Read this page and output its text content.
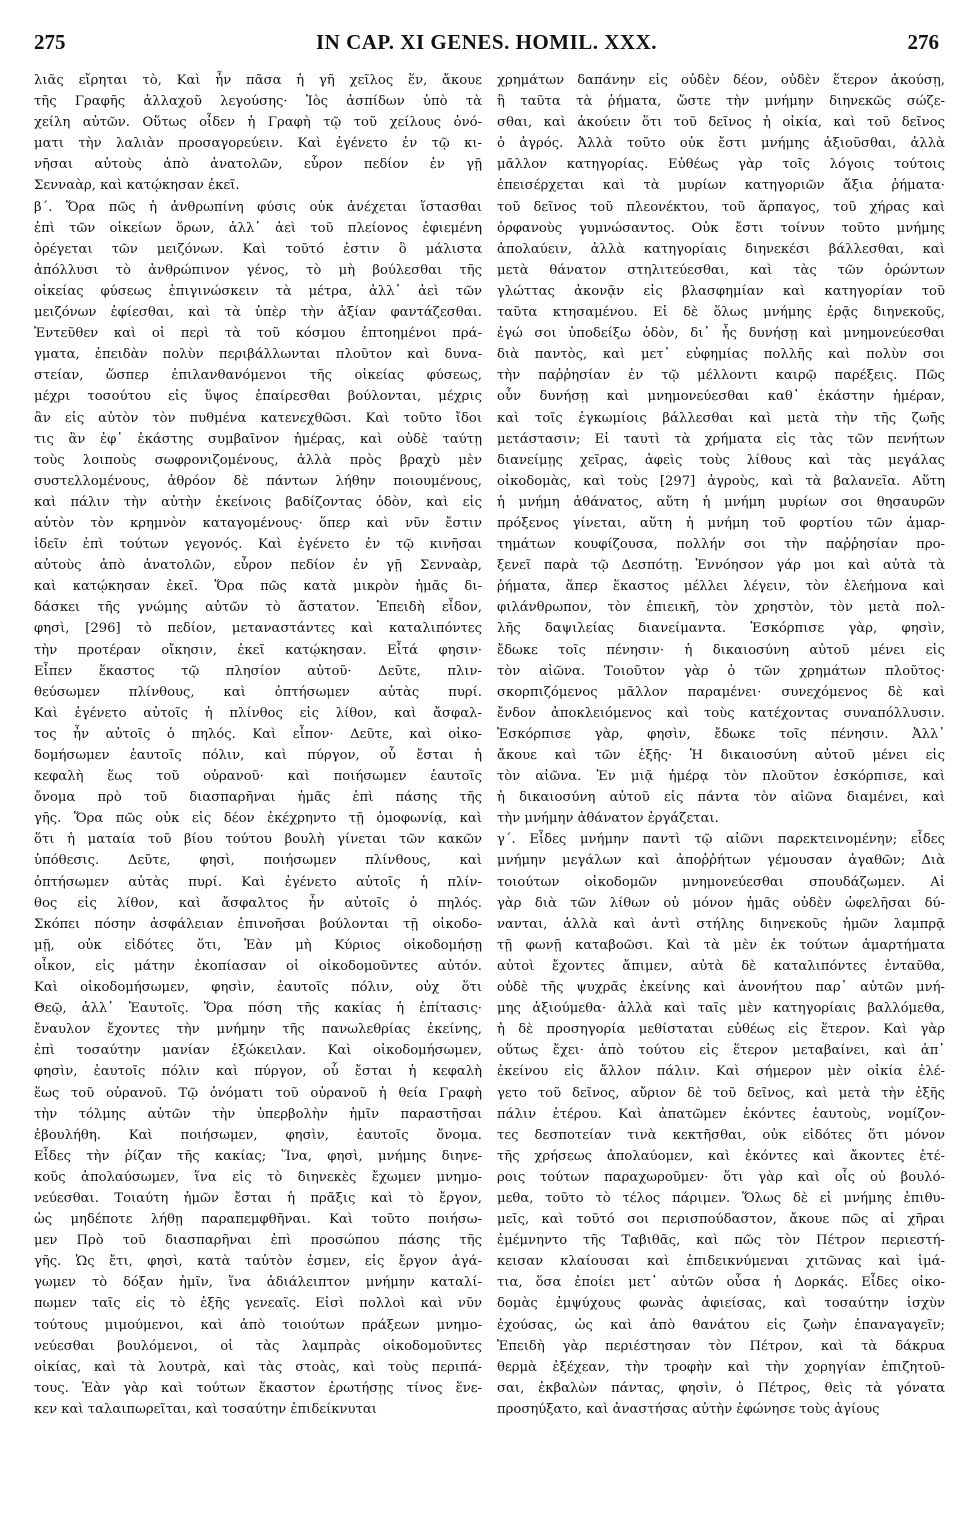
275	IN CAP. XI GENES. HOMIL. XXX.	276
λιᾶς εἴρηται τὸ, Καὶ ἦν πᾶσα ἡ γῆ χεῖλος ἕν, ἄκουε
τῆς Γραφῆς ἀλλαχοῦ λεγούσης· Ἰὸς ἀσπίδων ὑπὸ τὰ
χείλη αὐτῶν. Οὕτως οἶδεν ἡ Γραφὴ τῷ τοῦ χείλους ὀνό-
ματι τὴν λαλιὰν προσαγορεύειν. Καὶ ἐγένετο ἐν τῷ κι-
νῆσαι αὐτοὺς ἀπὸ ἀνατολῶν, εὗρον πεδίον ἐν γῇ
Σενναὰρ, καὶ κατῴκησαν ἐκεῖ.
β΄. Ὅρα πῶς ἡ ἀνθρωπίνη φύσις οὐκ ἀνέχεται ἵστασθαι
ἐπὶ τῶν οἰκείων ὅρων, ἀλλ᾽ ἀεὶ τοῦ πλείονος ἐφιεμένη
ὀρέγεται τῶν μειζόνων. Καὶ τοῦτό ἐστιν ὃ μάλιστα
ἀπόλλυσι τὸ ἀνθρώπινον γένος, τὸ μὴ βούλεσθαι τῆς
οἰκείας φύσεως ἐπιγινώσκειν τὰ μέτρα, ἀλλ᾽ ἀεὶ τῶν
μειζόνων ἐφίεσθαι, καὶ τὰ ὑπὲρ τὴν ἀξίαν φαντάζεσθαι.
Ἐντεῦθεν καὶ οἱ περὶ τὰ τοῦ κόσμου ἐπτοημένοι πρά-
γματα, ἐπειδὰν πολὺν περιβάλλωνται πλοῦτον καὶ δυνα-
στείαν, ὥσπερ ἐπιλανθανόμενοι τῆς οἰκείας φύσεως,
μέχρι τοσούτου εἰς ὕψος ἐπαίρεσθαι βούλονται, μέχρις
ἂν εἰς αὐτὸν τὸν πυθμένα κατενεχθῶσι. Καὶ τοῦτο ἴδοι
τις ἂν ἐφ᾽ ἑκάστης συμβαῖνον ἡμέρας, καὶ οὐδὲ ταύτῃ
τοὺς λοιποὺς σωφρονιζομένους, ἀλλὰ πρὸς βραχὺ μὲν
συστελλομένους, ἀθρόον δὲ πάντων λήθην ποιουμένους,
καὶ πάλιν τὴν αὐτὴν ἐκείνοις βαδίζοντας ὁδὸν, καὶ εἰς
αὐτὸν τὸν κρημνὸν καταγομένους· ὅπερ καὶ νῦν ἔστιν
ἰδεῖν ἐπὶ τούτων γεγονός. Καὶ ἐγένετο ἐν τῷ κινῆσαι
αὐτοὺς ἀπὸ ἀνατολῶν, εὗρον πεδίον ἐν γῇ Σενναὰρ,
καὶ κατῴκησαν ἐκεῖ. Ὅρα πῶς κατὰ μικρὸν ἡμᾶς δι-
δάσκει τῆς γνώμης αὐτῶν τὸ ἄστατον. Ἐπειδὴ εἶδον,
φησὶ, [296] τὸ πεδίον, μεταναστάντες καὶ καταλιπόντες
τὴν προτέραν οἴκησιν, ἐκεῖ κατῴκησαν. Εἶτά φησιν·
Εἶπεν ἕκαστος τῷ πλησίον αὐτοῦ· Δεῦτε, πλιν-
θεύσωμεν πλίνθους, καὶ ὀπτήσωμεν αὐτὰς πυρί.
Καὶ ἐγένετο αὐτοῖς ἡ πλίνθος εἰς λίθον, καὶ ἄσφαλ-
τος ἦν αὐτοῖς ὁ πηλός. Καὶ εἶπον· Δεῦτε, καὶ οἰκο-
δομήσωμεν ἑαυτοῖς πόλιν, καὶ πύργον, οὗ ἔσται ἡ
κεφαλὴ ἕως τοῦ οὐρανοῦ· καὶ ποιήσωμεν ἑαυτοῖς
ὄνομα πρὸ τοῦ διασπαρῆναι ἡμᾶς ἐπὶ πάσης τῆς
γῆς. Ὅρα πῶς οὐκ εἰς δέον ἐκέχρηντο τῇ ὁμοφωνίᾳ, καὶ
ὅτι ἡ ματαία τοῦ βίου τούτου βουλὴ γίνεται τῶν κακῶν
ὑπόθεσις. Δεῦτε, φησὶ, ποιήσωμεν πλίνθους, καὶ
ὀπτήσωμεν αὐτὰς πυρί. Καὶ ἐγένετο αὐτοῖς ἡ πλίν-
θος εἰς λίθον, καὶ ἄσφαλτος ἦν αὐτοῖς ὁ πηλός.
Σκόπει πόσην ἀσφάλειαν ἐπινοῆσαι βούλονται τῇ οἰκοδο-
μῇ, οὐκ εἰδότες ὅτι, Ἐὰν μὴ Κύριος οἰκοδομήσῃ
οἶκον, εἰς μάτην ἐκοπίασαν οἱ οἰκοδομοῦντες αὐτόν.
Καὶ οἰκοδομήσωμεν, φησὶν, ἑαυτοῖς πόλιν, οὐχ ὅτι
Θεῷ, ἀλλ᾽ Ἑαυτοῖς. Ὅρα πόση τῆς κακίας ἡ ἐπίτασις·
ἔναυλον ἔχοντες τὴν μνήμην τῆς πανωλεθρίας ἐκείνης,
ἐπὶ τοσαύτην μανίαν ἐξώκειλαν. Καὶ οἰκοδομήσωμεν,
φησὶν, ἑαυτοῖς πόλιν καὶ πύργον, οὗ ἔσται ἡ κεφαλὴ
ἕως τοῦ οὐρανοῦ. Τῷ ὀνόματι τοῦ οὐρανοῦ ἡ θεία Γραφὴ
τὴν τόλμης αὐτῶν τὴν ὑπερβολὴν ἡμῖν παραστῆσαι
ἐβουλήθη. Καὶ ποιήσωμεν, φησὶν, ἑαυτοῖς ὄνομα.
Εἶδες τὴν ῥίζαν τῆς κακίας; Ἵνα, φησὶ, μνήμης διηνε-
κοῦς ἀπολαύσωμεν, ἵνα εἰς τὸ διηνεκὲς ἔχωμεν μνημο-
νεύεσθαι. Τοιαύτη ἡμῶν ἔσται ἡ πρᾶξις καὶ τὸ ἔργον,
ὡς μηδέποτε λήθῃ παραπεμφθῆναι. Καὶ τοῦτο ποιήσω-
μεν Πρὸ τοῦ διασπαρῆναι ἐπὶ προσώπου πάσης τῆς
γῆς. Ὡς ἔτι, φησὶ, κατὰ ταὐτὸν ἐσμεν, εἰς ἔργον ἀγά-
γωμεν τὸ δόξαν ἡμῖν, ἵνα ἀδιάλειπτον μνήμην καταλί-
πωμεν ταῖς εἰς τὸ ἑξῆς γενεαῖς. Εἰσὶ πολλοὶ καὶ νῦν
τούτους μιμούμενοι, καὶ ἀπὸ τοιούτων πράξεων μνημο-
νεύεσθαι βουλόμενοι, οἱ τὰς λαμπρὰς οἰκοδομοῦντες
οἰκίας, καὶ τὰ λουτρὰ, καὶ τὰς στοὰς, καὶ τοὺς περιπά-
τους. Ἐὰν γὰρ καὶ τούτων ἕκαστον ἐρωτήσῃς τίνος ἕνε-
κεν καὶ ταλαιπωρεῖται, καὶ τοσαύτην ἐπιδείκνυται
χρημάτων δαπάνην εἰς οὐδὲν δέον, οὐδὲν ἕτερον ἀκούσῃ,
ἢ ταῦτα τὰ ῥήματα, ὥστε τὴν μνήμην διηνεκῶς σώζε-
σθαι, καὶ ἀκούειν ὅτι τοῦ δεῖνος ἡ οἰκία, καὶ τοῦ δεῖνος
ὁ ἀγρός. Ἀλλὰ τοῦτο οὐκ ἔστι μνήμης ἀξιοῦσθαι, ἀλλὰ
μᾶλλον κατηγορίας. Εὐθέως γὰρ τοῖς λόγοις τούτοις
ἐπεισέρχεται καὶ τὰ μυρίων κατηγοριῶν ἄξια ῥήματα·
τοῦ δεῖνος τοῦ πλεονέκτου, τοῦ ἅρπαγος, τοῦ χήρας καὶ
ὀρφανοὺς γυμνώσαντος. Οὐκ ἔστι τοίνυν τοῦτο μνήμης
ἀπολαύειν, ἀλλὰ κατηγορίαις διηνεκέσι βάλλεσθαι, καὶ
μετὰ θάνατον στηλιτεύεσθαι, καὶ τὰς τῶν ὁρώντων
γλώττας ἀκονᾷν εἰς βλασφημίαν καὶ κατηγορίαν τοῦ
ταῦτα κτησαμένου. Εἰ δὲ ὅλως μνήμης ἐρᾷς διηνεκοῦς,
ἐγώ σοι ὑποδείξω ὁδὸν, δι᾽ ἧς δυνήσῃ καὶ μνημονεύεσθαι
διὰ παντὸς, καὶ μετ᾽ εὐφημίας πολλῆς καὶ πολὺν σοι
τὴν παῤῥησίαν ἐν τῷ μέλλοντι καιρῷ παρέξεις. Πῶς
οὖν δυνήσῃ καὶ μνημονεύεσθαι καθ᾽ ἑκάστην ἡμέραν,
καὶ τοῖς ἐγκωμίοις βάλλεσθαι καὶ μετὰ τὴν τῆς ζωῆς
μετάστασιν; Εἰ ταυτὶ τὰ χρήματα εἰς τὰς τῶν πενήτων
διανείμῃς χεῖρας, ἀφεὶς τοὺς λίθους καὶ τὰς μεγάλας
οἰκοδομὰς, καὶ τοὺς [297] ἀγροὺς, καὶ τὰ βαλανεῖα. Αὕτη
ἡ μνήμη ἀθάνατος, αὕτη ἡ μνήμη μυρίων σοι θησαυρῶν
πρόξενος γίνεται, αὕτη ἡ μνήμη τοῦ φορτίου τῶν ἁμαρ-
τημάτων κουφίζουσα, πολλήν σοι τὴν παῤῥησίαν προ-
ξενεῖ παρὰ τῷ Δεσπότῃ. Ἐννόησον γάρ μοι καὶ αὐτὰ τὰ
ῥήματα, ἅπερ ἕκαστος μέλλει λέγειν, τὸν ἐλεήμονα καὶ
φιλάνθρωπον, τὸν ἐπιεικῆ, τὸν χρηστὸν, τὸν μετὰ πολ-
λῆς δαψιλείας διανείμαντα. Ἐσκόρπισε γὰρ, φησὶν,
ἔδωκε τοῖς πένησιν· ἡ δικαιοσύνη αὐτοῦ μένει εἰς
τὸν αἰῶνα. Τοιοῦτον γὰρ ὁ τῶν χρημάτων πλοῦτος·
σκορπιζόμενος μᾶλλον παραμένει· συνεχόμενος δὲ καὶ
ἔνδον ἀποκλειόμενος καὶ τοὺς κατέχοντας συναπόλλυσιν.
Ἐσκόρπισε γὰρ, φησὶν, ἔδωκε τοῖς πένησιν. Ἀλλ᾽
ἄκουε καὶ τῶν ἑξῆς· Ἡ δικαιοσύνη αὐτοῦ μένει εἰς
τὸν αἰῶνα. Ἐν μιᾷ ἡμέρᾳ τὸν πλοῦτον ἐσκόρπισε, καὶ
ἡ δικαιοσύνη αὐτοῦ εἰς πάντα τὸν αἰῶνα διαμένει, καὶ
τὴν μνήμην ἀθάνατον ἐργάζεται.
γ΄. Εἶδες μνήμην παντὶ τῷ αἰῶνι παρεκτεινομένην; εἶδες
μνήμην μεγάλων καὶ ἀποῤῥήτων γέμουσαν ἀγαθῶν; Διὰ
τοιούτων οἰκοδομῶν μνημονεύεσθαι σπουδάζωμεν. Αἱ
γὰρ διὰ τῶν λίθων οὐ μόνον ἡμᾶς οὐδὲν ὠφελῆσαι δύ-
νανται, ἀλλὰ καὶ ἀντὶ στήλης διηνεκοῦς ἡμῶν λαμπρᾷ
τῇ φωνῇ καταβοῶσι. Καὶ τὰ μὲν ἐκ τούτων ἁμαρτήματα
αὐτοὶ ἔχοντες ἄπιμεν, αὐτὰ δὲ καταλιπόντες ἐνταῦθα,
οὐδὲ τῆς ψυχρᾶς ἐκείνης καὶ ἀνονήτου παρ᾽ αὐτῶν μνή-
μης ἀξιούμεθα· ἀλλὰ καὶ ταῖς μὲν κατηγορίαις βαλλόμεθα,
ἡ δὲ προσηγορία μεθίσταται εὐθέως εἰς ἕτερον. Καὶ γὰρ
οὕτως ἔχει· ἀπὸ τούτου εἰς ἕτερον μεταβαίνει, καὶ ἀπ᾽
ἐκείνου εἰς ἄλλον πάλιν. Καὶ σήμερον μὲν οἰκία ἐλέ-
γετο τοῦ δεῖνος, αὔριον δὲ τοῦ δεῖνος, καὶ μετὰ τὴν ἑξῆς
πάλιν ἑτέρου. Καὶ ἀπατῶμεν ἑκόντες ἑαυτοὺς, νομίζον-
τες δεσποτείαν τινὰ κεκτῆσθαι, οὐκ εἰδότες ὅτι μόνον
τῆς χρήσεως ἀπολαύομεν, καὶ ἑκόντες καὶ ἄκοντες ἑτέ-
ροις τούτων παραχωροῦμεν· ὅτι γὰρ καὶ οἷς οὐ βουλό-
μεθα, τοῦτο τὸ τέλος πάριμεν. Ὅλως δὲ εἰ μνήμης ἐπιθυ-
μεῖς, καὶ τοῦτό σοι περισπούδαστον, ἄκουε πῶς αἱ χῆραι
ἐμέμνηντο τῆς Ταβιθᾶς, καὶ πῶς τὸν Πέτρον περιεστή-
κεισαν κλαίουσαι καὶ ἐπιδεικνύμεναι χιτῶνας καὶ ἱμά-
τια, ὅσα ἐποίει μετ᾽ αὐτῶν οὖσα ἡ Δορκάς. Εἶδες οἰκο-
δομὰς ἐμψύχους φωνὰς ἀφιείσας, καὶ τοσαύτην ἰσχὺν
ἐχούσας, ὡς καὶ ἀπὸ θανάτου εἰς ζωὴν ἐπαναγαγεῖν;
Ἐπειδὴ γὰρ περιέστησαν τὸν Πέτρον, καὶ τὰ δάκρυα
θερμὰ ἐξέχεαν, τὴν τροφὴν καὶ τὴν χορηγίαν ἐπιζητοῦ-
σαι, ἐκβαλὼν πάντας, φησὶν, ὁ Πέτρος, θεὶς τὰ γόνατα
προσηύξατο, καὶ ἀναστήσας αὐτὴν ἐφώνησε τοὺς ἁγίους
